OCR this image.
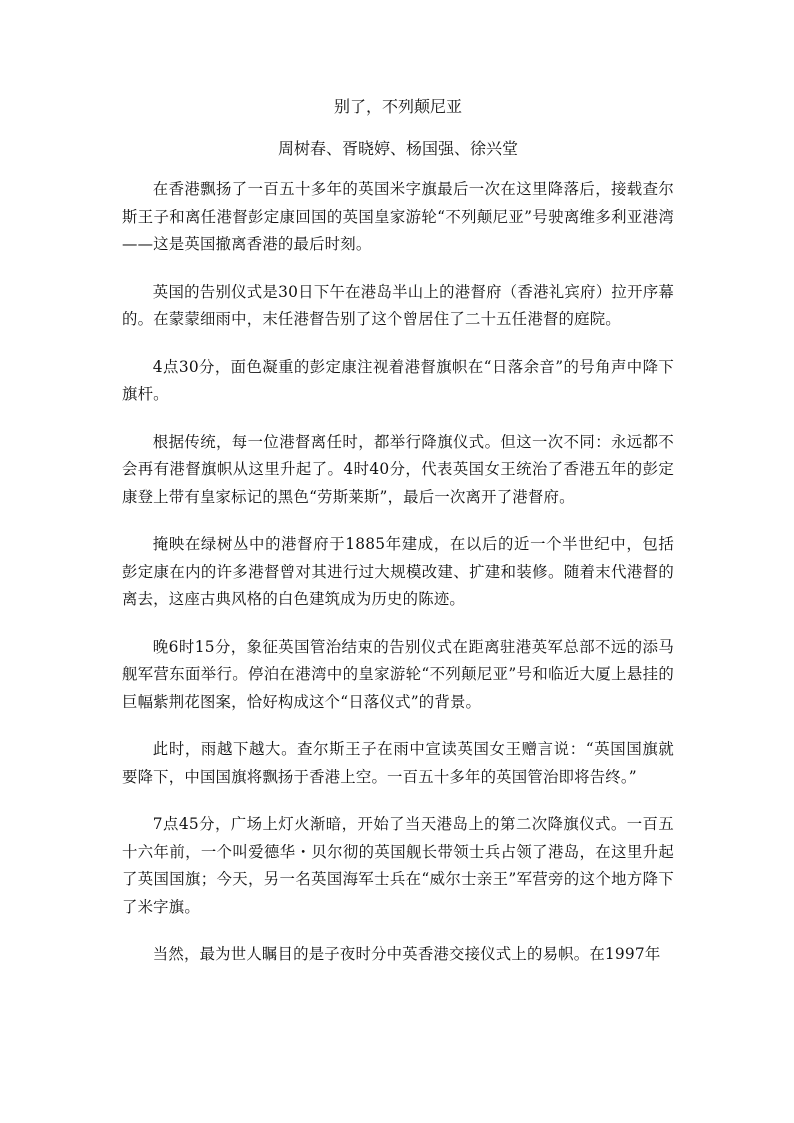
别了，不列颠尼亚
周树春、胥晓婷、杨国强、徐兴堂

在香港飘扬了一百五十多年的英国米字旗最后一次在这里降落后，接载查尔斯王子和离任港督彭定康回国的英国皇家游轮“不列颠尼亚”号驶离维多利亚港湾——这是英国撤离香港的最后时刻。

英国的告别仪式是30日下午在港岛半山上的港督府（香港礼宾府）拉开序幕的。在蒙蒙细雨中，末任港督告别了这个曾居住了二十五任港督的庭院。

4点30分，面色凝重的彭定康注视着港督旗帜在“日落余音”的号角声中降下旗杆。

根据传统，每一位港督离任时，都举行降旗仪式。但这一次不同：永远都不会再有港督旗帜从这里升起了。4时40分，代表英国女王统治了香港五年的彭定康登上带有皇家标记的黑色“劳斯莱斯”，最后一次离开了港督府。

掩映在绿树丛中的港督府于1885年建成，在以后的近一个半世纪中，包括彭定康在内的许多港督曾对其进行过大规模改建、扩建和装修。随着末代港督的离去，这座古典风格的白色建筑成为历史的陈迹。

晚6时15分，象征英国管治结束的告别仪式在距离驻港英军总部不远的添马舰军营东面举行。停泊在港湾中的皇家游轮“不列颠尼亚”号和临近大厦上悬挂的巨幅紫荆花图案，恰好构成这个“日落仪式”的背景。

此时，雨越下越大。查尔斯王子在雨中宣读英国女王赠言说：“英国国旗就要降下，中国国旗将飘扬于香港上空。一百五十多年的英国管治即将告终。”

7点45分，广场上灯火渐暗，开始了当天港岛上的第二次降旗仪式。一百五十六年前，一个叫爱德华・贝尔彻的英国舰长带领士兵占领了港岛，在这里升起了英国国旗；今天，另一名英国海军士兵在“威尔士亲王”军营旁的这个地方降下了米字旗。

当然，最为世人瞩目的是子夜时分中英香港交接仪式上的易帜。在1997年
